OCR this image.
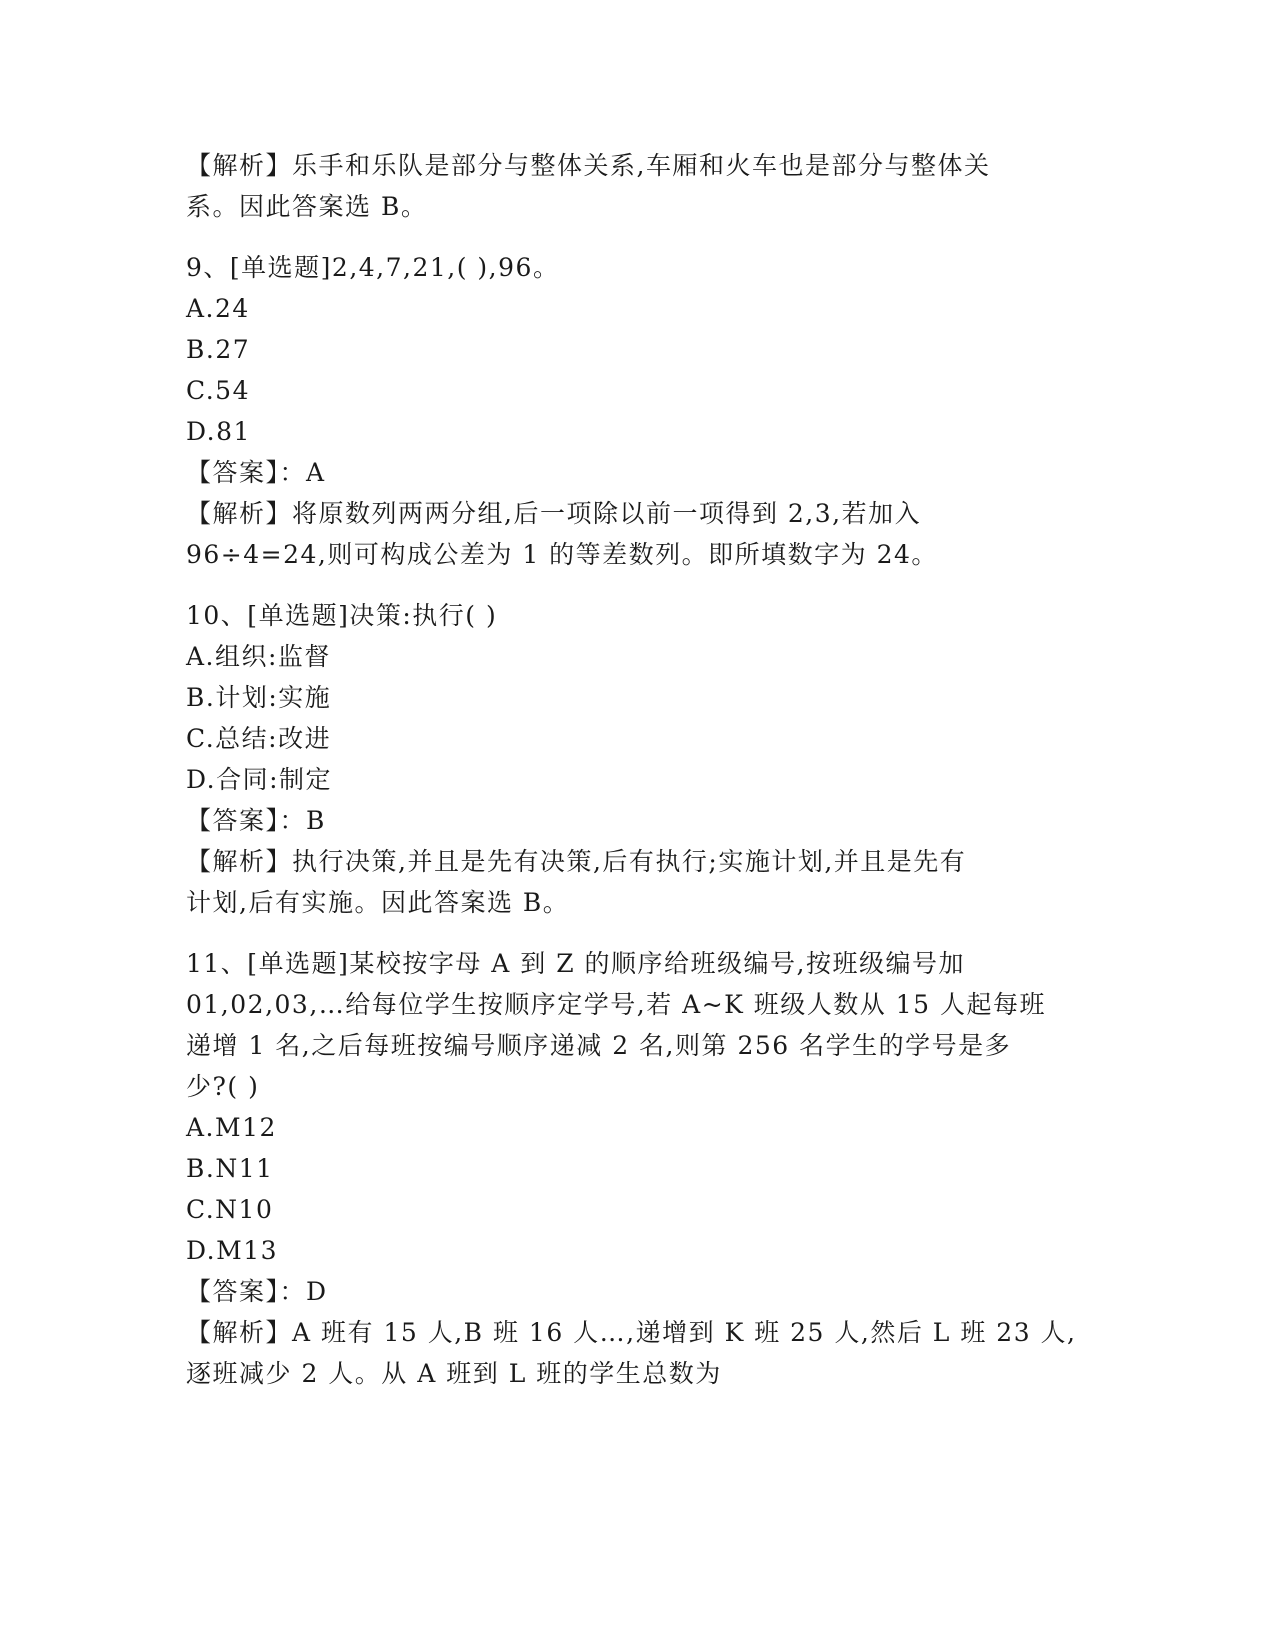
【解析】乐手和乐队是部分与整体关系,车厢和火车也是部分与整体关
系。因此答案选 B。
9、[单选题]2,4,7,21,( ),96。
A.24
B.27
C.54
D.81
【答案】：A
【解析】将原数列两两分组,后一项除以前一项得到 2,3,若加入
96÷4=24,则可构成公差为 1 的等差数列。即所填数字为 24。
10、[单选题]决策:执行( )
A.组织:监督
B.计划:实施
C.总结:改进
D.合同:制定
【答案】：B
【解析】执行决策,并且是先有决策,后有执行;实施计划,并且是先有
计划,后有实施。因此答案选 B。
11、[单选题]某校按字母 A 到 Z 的顺序给班级编号,按班级编号加
01,02,03,…给每位学生按顺序定学号,若 A~K 班级人数从 15 人起每班
递增 1 名,之后每班按编号顺序递减 2 名,则第 256 名学生的学号是多
少?( )
A.M12
B.N11
C.N10
D.M13
【答案】：D
【解析】A 班有 15 人,B 班 16 人…,递增到 K 班 25 人,然后 L 班 23 人,
逐班减少 2 人。从 A 班到 L 班的学生总数为
